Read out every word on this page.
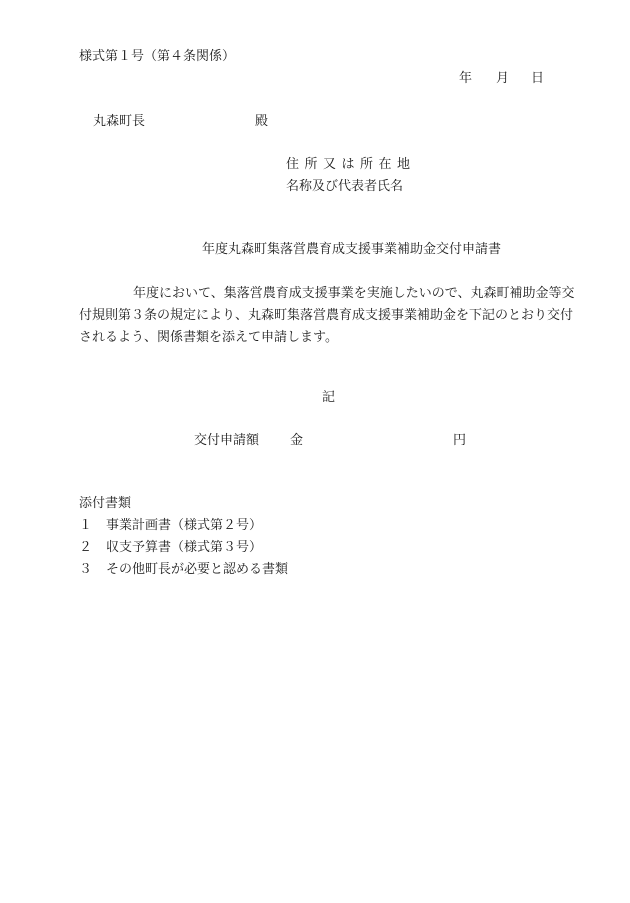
様式第１号（第４条関係）
年 月 日
丸森町長	殿
住所又は所在地
名称及び代表者氏名
年度丸森町集落営農育成支援事業補助金交付申請書
年度において、集落営農育成支援事業を実施したいので、丸森町補助金等交付規則第３条の規定により、丸森町集落営農育成支援事業補助金を下記のとおり交付されるよう、関係書類を添えて申請します。
記
交付申請額 金	円
添付書類
１ 事業計画書（様式第２号）
２ 収支予算書（様式第３号）
３ その他町長が必要と認める書類
